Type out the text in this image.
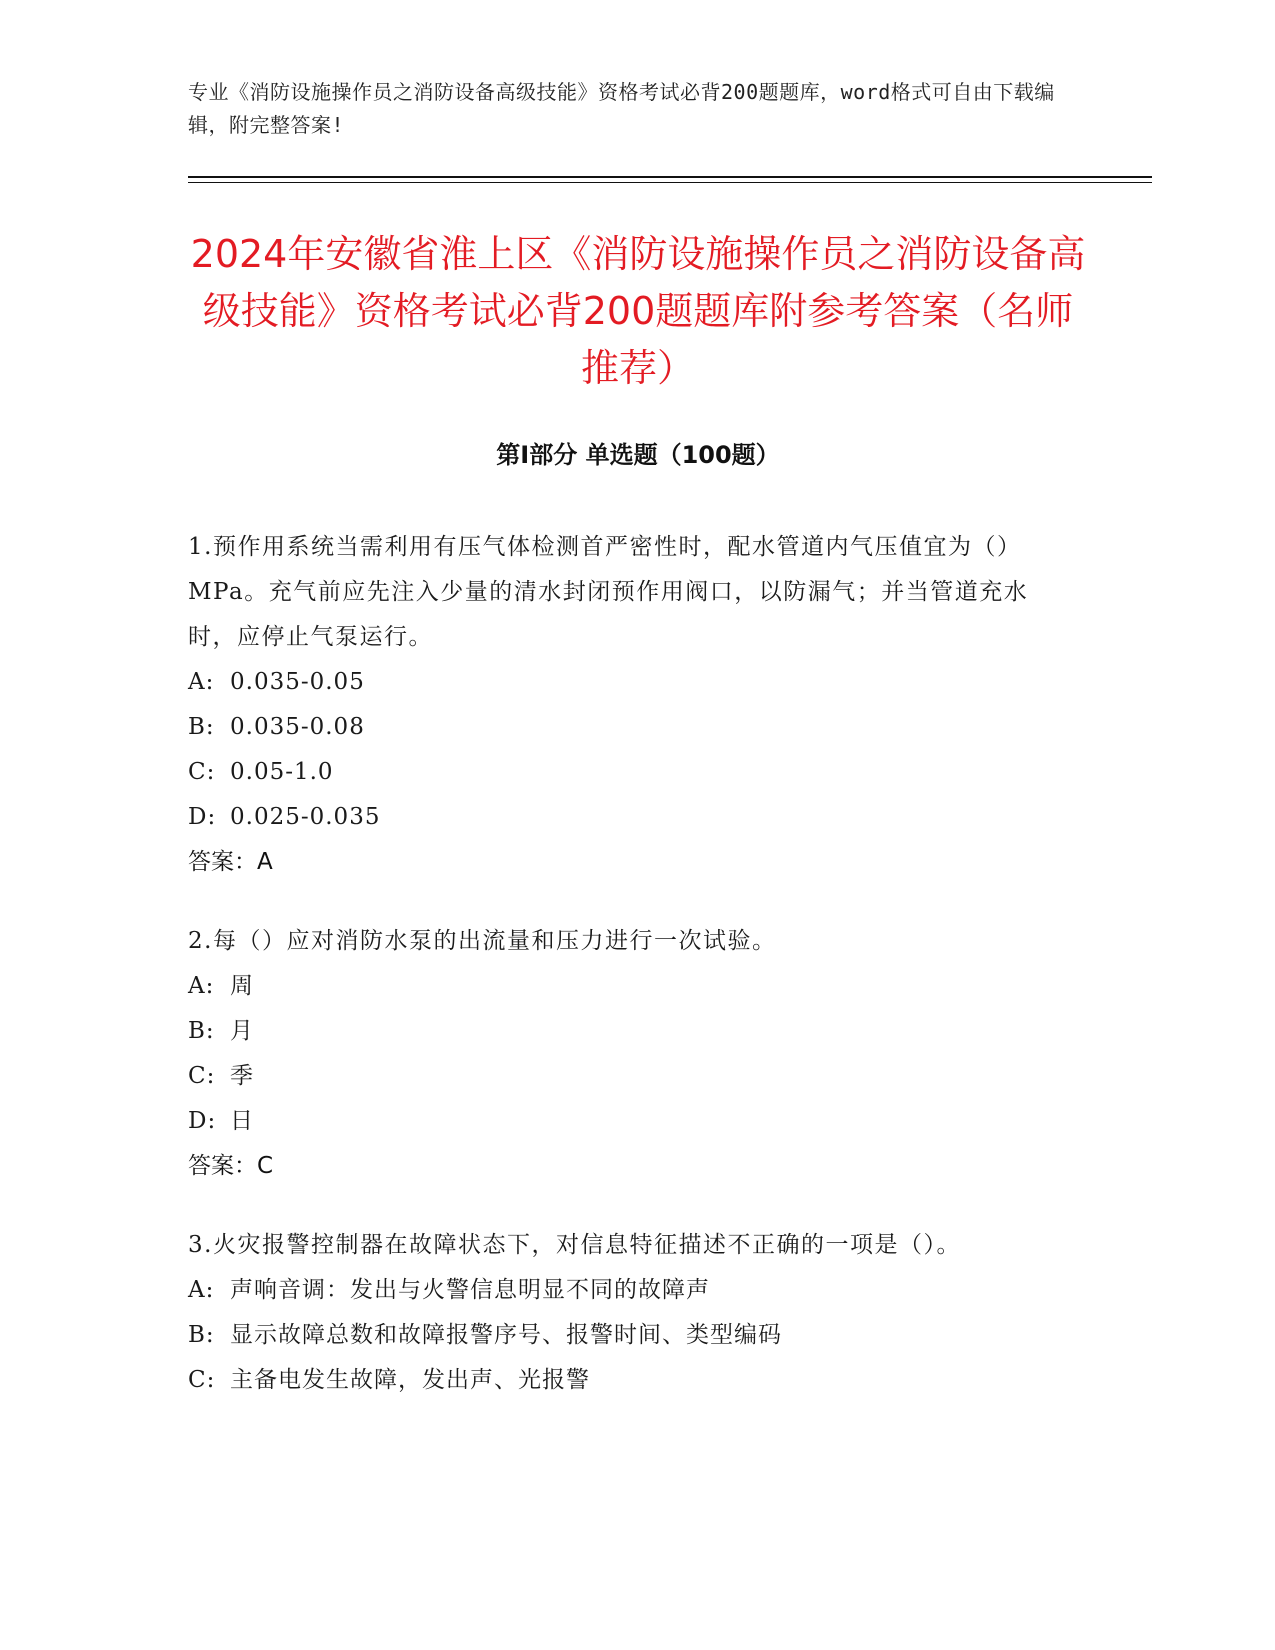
专业《消防设施操作员之消防设备高级技能》资格考试必背200题题库，word格式可自由下载编辑，附完整答案!
2024年安徽省淮上区《消防设施操作员之消防设备高级技能》资格考试必背200题题库附参考答案（名师推荐）
第Ⅰ部分 单选题（100题）
1.预作用系统当需利用有压气体检测首严密性时，配水管道内气压值宜为（）MPa。充气前应先注入少量的清水封闭预作用阀口，以防漏气；并当管道充水时，应停止气泵运行。
A: 0.035-0.05
B: 0.035-0.08
C: 0.05-1.0
D: 0.025-0.035
答案：A
2.每（）应对消防水泵的出流量和压力进行一次试验。
A: 周
B: 月
C: 季
D: 日
答案：C
3.火灾报警控制器在故障状态下，对信息特征描述不正确的一项是（）。
A: 声响音调：发出与火警信息明显不同的故障声
B: 显示故障总数和故障报警序号、报警时间、类型编码
C: 主备电发生故障，发出声、光报警
